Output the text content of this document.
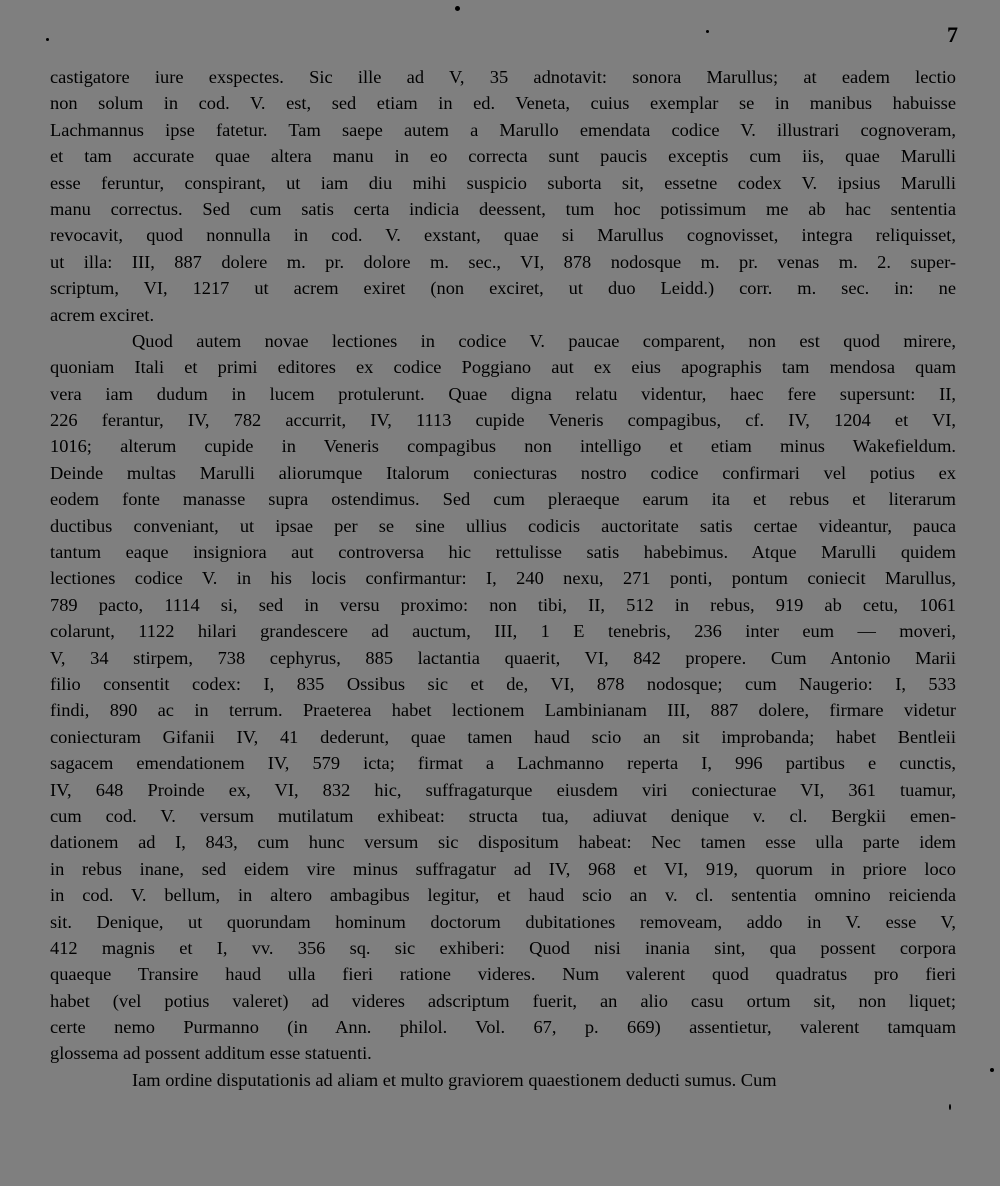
7
castigatore iure exspectes. Sic ille ad V, 35 adnotavit: sonora Marullus; at eadem lectio
non solum in cod. V. est, sed etiam in ed. Veneta, cuius exemplar se in manibus habuisse
Lachmannus ipse fatetur. Tam saepe autem a Marullo emendata codice V. illustrari cognoveram,
et tam accurate quae altera manu in eo correcta sunt paucis exceptis cum iis, quae Marulli
esse feruntur, conspirant, ut iam diu mihi suspicio suborta sit, essetne codex V. ipsius Marulli
manu correctus. Sed cum satis certa indicia deessent, tum hoc potissimum me ab hac sententia
revocavit, quod nonnulla in cod. V. exstant, quae si Marullus cognovisset, integra reliquisset,
ut illa: III, 887 dolere m. pr. dolore m. sec., VI, 878 nodosque m. pr. venas m. 2. super-
scriptum, VI, 1217 ut acrem exiret (non exciret, ut duo Leidd.) corr. m. sec. in: ne
acrem exciret.
Quod autem novae lectiones in codice V. paucae comparent, non est quod mirere,
quoniam Itali et primi editores ex codice Poggiano aut ex eius apographis tam mendosa quam
vera iam dudum in lucem protulerunt. Quae digna relatu videntur, haec fere supersunt: II,
226 ferantur, IV, 782 accurrit, IV, 1113 cupide Veneris compagibus, cf. IV, 1204 et VI,
1016; alterum cupide in Veneris compagibus non intelligo et etiam minus Wakefieldum.
Deinde multas Marulli aliorumque Italorum coniecturas nostro codice confirmari vel potius ex
eodem fonte manasse supra ostendimus. Sed cum pleraeque earum ita et rebus et literarum
ductibus conveniant, ut ipsae per se sine ullius codicis auctoritate satis certae videantur, pauca
tantum eaque insigniora aut controversa hic rettulisse satis habebimus. Atque Marulli quidem
lectiones codice V. in his locis confirmantur: I, 240 nexu, 271 ponti, pontum coniecit Marullus,
789 pacto, 1114 si, sed in versu proximo: non tibi, II, 512 in rebus, 919 ab cetu, 1061
colarunt, 1122 hilari grandescere ad auctum, III, 1 E tenebris, 236 inter eum — moveri,
V, 34 stirpem, 738 cephyrus, 885 lactantia quaerit, VI, 842 propere. Cum Antonio Marii
filio consentit codex: I, 835 Ossibus sic et de, VI, 878 nodosque; cum Naugerio: I, 533
findi, 890 ac in terrum. Praeterea habet lectionem Lambinianam III, 887 dolere, firmare videtur
coniecturam Gifanii IV, 41 dederunt, quae tamen haud scio an sit improbanda; habet Bentleii
sagacem emendationem IV, 579 icta; firmat a Lachmanno reperta I, 996 partibus e cunctis,
IV, 648 Proinde ex, VI, 832 hic, suffragaturque eiusdem viri coniecturae VI, 361 tuamur,
cum cod. V. versum mutilatum exhibeat: structa tua, adiuvat denique v. cl. Bergkii emen-
dationem ad I, 843, cum hunc versum sic dispositum habeat: Nec tamen esse ulla parte idem
in rebus inane, sed eidem vire minus suffragatur ad IV, 968 et VI, 919, quorum in priore loco
in cod. V. bellum, in altero ambagibus legitur, et haud scio an v. cl. sententia omnino reicienda
sit. Denique, ut quorundam hominum doctorum dubitationes removeam, addo in V. esse V,
412 magnis et I, vv. 356 sq. sic exhiberi: Quod nisi inania sint, qua possent corpora
quaeque Transire haud ulla fieri ratione videres. Num valerent quod quadratus pro fieri
habet (vel potius valeret) ad videres adscriptum fuerit, an alio casu ortum sit, non liquet;
certe nemo Purmanno (in Ann. philol. Vol. 67, p. 669) assentietur, valerent tamquam
glossema ad possent additum esse statuenti.
Iam ordine disputationis ad aliam et multo graviorem quaestionem deducti sumus. Cum
